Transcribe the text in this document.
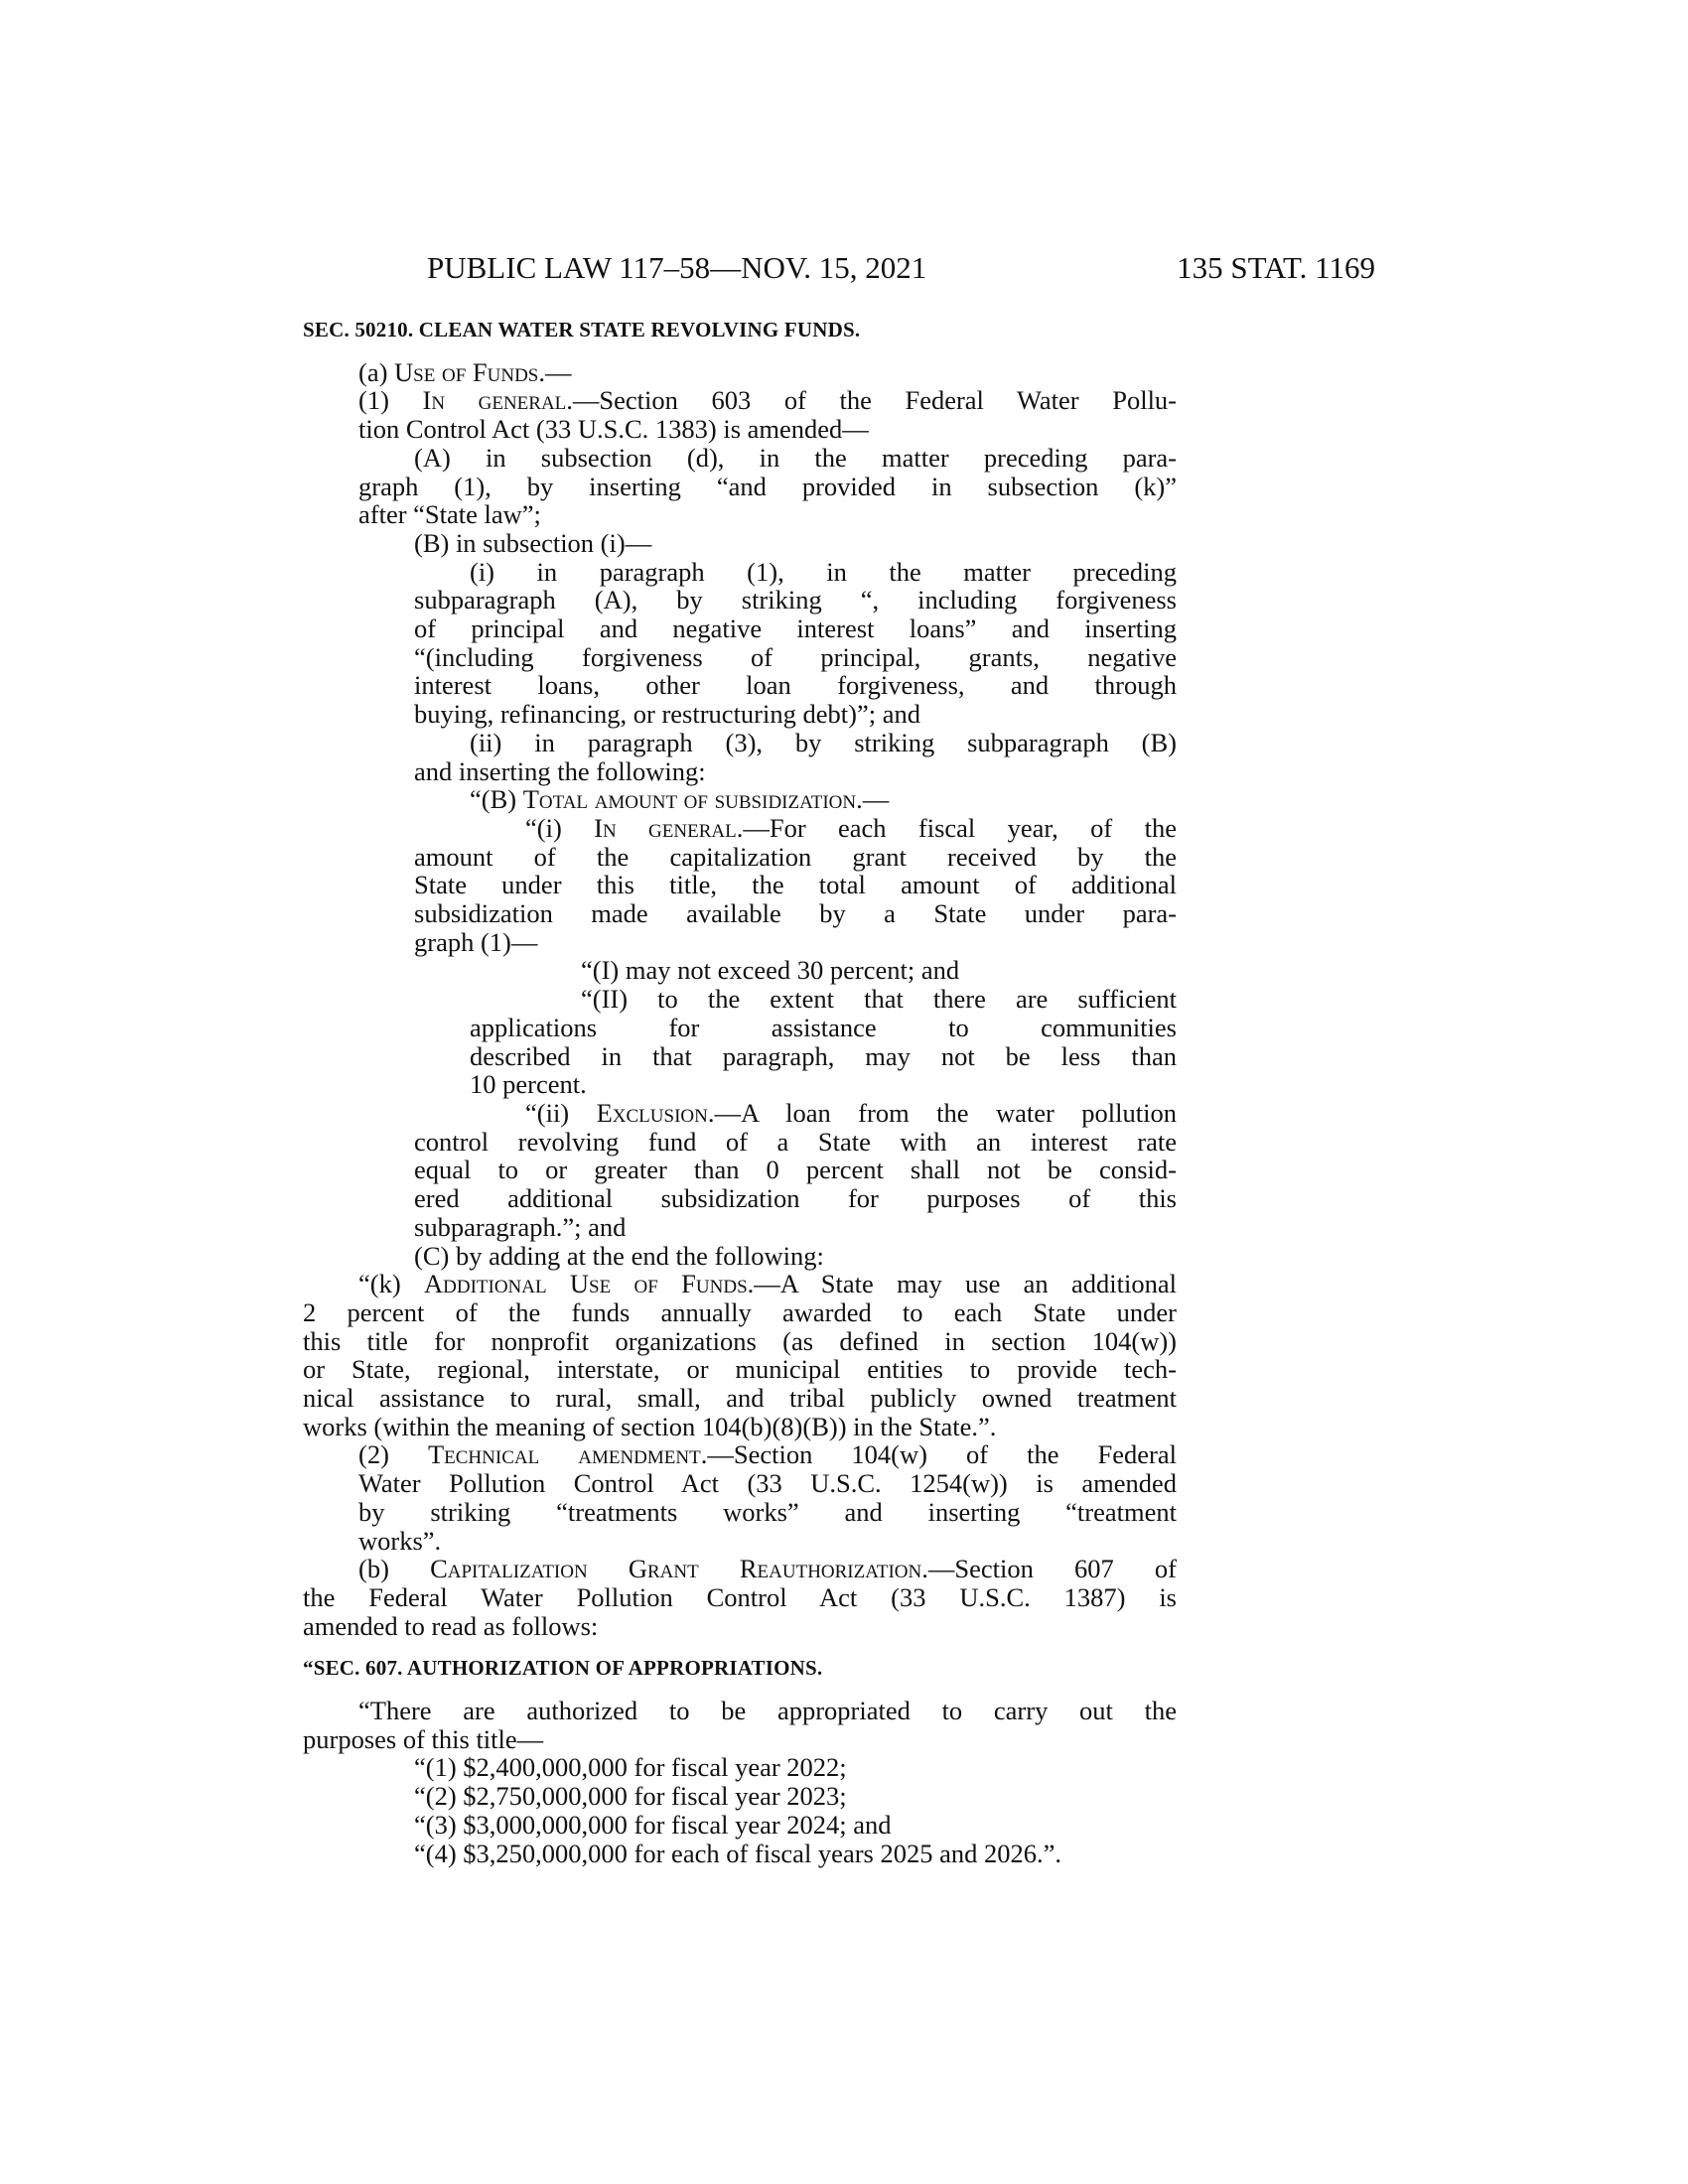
PUBLIC LAW 117–58—NOV. 15, 2021	135 STAT. 1169

SEC. 50210. CLEAN WATER STATE REVOLVING FUNDS.

(a) Use of Funds.—

(1) In general.—Section 603 of the Federal Water Pollu-

tion Control Act (33 U.S.C. 1383) is amended—

(A) in subsection (d), in the matter preceding para-

graph (1), by inserting “and provided in subsection (k)”

after “State law”;

(B) in subsection (i)—

(i) in paragraph (1), in the matter preceding

subparagraph (A), by striking “, including forgiveness

of principal and negative interest loans” and inserting

“(including forgiveness of principal, grants, negative

interest loans, other loan forgiveness, and through

buying, refinancing, or restructuring debt)”; and

(ii) in paragraph (3), by striking subparagraph (B)

and inserting the following:

“(B) Total amount of subsidization.—

“(i) In general.—For each fiscal year, of the

amount of the capitalization grant received by the

State under this title, the total amount of additional

subsidization made available by a State under para-

graph (1)—

“(I) may not exceed 30 percent; and

“(II) to the extent that there are sufficient

applications for assistance to communities

described in that paragraph, may not be less than

10 percent.

“(ii) Exclusion.—A loan from the water pollution

control revolving fund of a State with an interest rate

equal to or greater than 0 percent shall not be consid-

ered additional subsidization for purposes of this

subparagraph.”; and

(C) by adding at the end the following:

“(k) Additional Use of Funds.—A State may use an additional

2 percent of the funds annually awarded to each State under

this title for nonprofit organizations (as defined in section 104(w))

or State, regional, interstate, or municipal entities to provide tech-

nical assistance to rural, small, and tribal publicly owned treatment

works (within the meaning of section 104(b)(8)(B)) in the State.”.

(2) Technical amendment.—Section 104(w) of the Federal

Water Pollution Control Act (33 U.S.C. 1254(w)) is amended

by striking “treatments works” and inserting “treatment

works”.

(b) Capitalization Grant Reauthorization.—Section 607 of

the Federal Water Pollution Control Act (33 U.S.C. 1387) is

amended to read as follows:

“SEC. 607. AUTHORIZATION OF APPROPRIATIONS.

“There are authorized to be appropriated to carry out the

purposes of this title—

“(1) $2,400,000,000 for fiscal year 2022;

“(2) $2,750,000,000 for fiscal year 2023;

“(3) $3,000,000,000 for fiscal year 2024; and

“(4) $3,250,000,000 for each of fiscal years 2025 and 2026.”.
